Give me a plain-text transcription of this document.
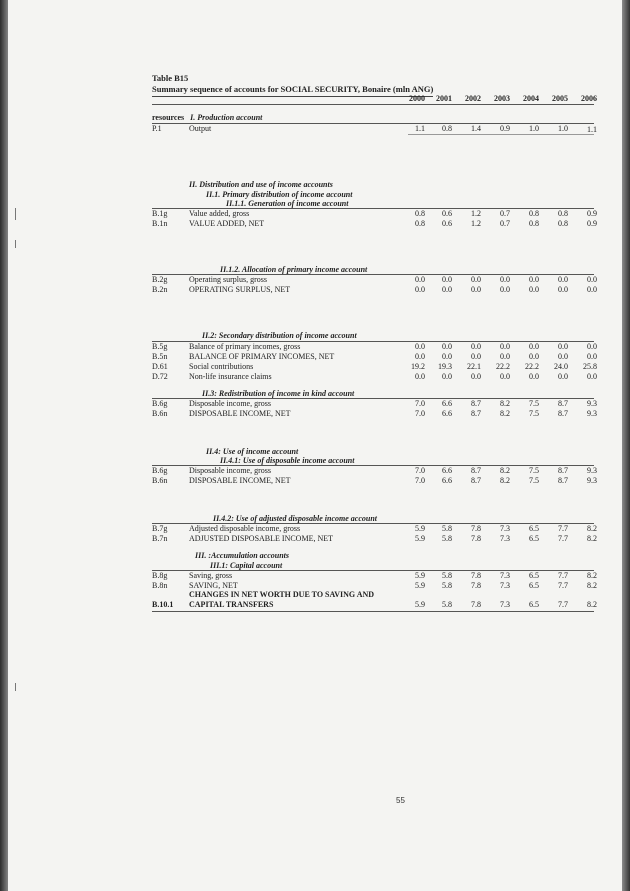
Table B15
Summary sequence of accounts for SOCIAL SECURITY, Bonaire (mln ANG)
2000	2001	2002	2003	2004	2005	2006
resources I. Production account
P.1	Output	1.1	0.8	1.4	0.9	1.0	1.0	1.1
II. Distribution and use of income accounts
II.1. Primary distribution of income account
II.1.1. Generation of income account
B.1g	Value added, gross	0.8	0.6	1.2	0.7	0.8	0.8	0.9
B.1n	VALUE ADDED, NET	0.8	0.6	1.2	0.7	0.8	0.8	0.9
II.1.2. Allocation of primary income account
B.2g	Operating surplus, gross	0.0	0.0	0.0	0.0	0.0	0.0	0.0
B.2n	OPERATING SURPLUS, NET	0.0	0.0	0.0	0.0	0.0	0.0	0.0
II.2: Secondary distribution of income account
B.5g	Balance of primary incomes, gross	0.0	0.0	0.0	0.0	0.0	0.0	0.0
B.5n	BALANCE OF PRIMARY INCOMES, NET	0.0	0.0	0.0	0.0	0.0	0.0	0.0
D.61	Social contributions	19.2	19.3	22.1	22.2	22.2	24.0	25.8
D.72	Non-life insurance claims	0.0	0.0	0.0	0.0	0.0	0.0	0.0
II.3: Redistribution of income in kind account
B.6g	Disposable income, gross	7.0	6.6	8.7	8.2	7.5	8.7	9.3
B.6n	DISPOSABLE INCOME, NET	7.0	6.6	8.7	8.2	7.5	8.7	9.3
II.4: Use of income account
II.4.1: Use of disposable income account
B.6g	Disposable income, gross	7.0	6.6	8.7	8.2	7.5	8.7	9.3
B.6n	DISPOSABLE INCOME, NET	7.0	6.6	8.7	8.2	7.5	8.7	9.3
II.4.2: Use of adjusted disposable income account
B.7g	Adjusted disposable income, gross	5.9	5.8	7.8	7.3	6.5	7.7	8.2
B.7n	ADJUSTED DISPOSABLE INCOME, NET	5.9	5.8	7.8	7.3	6.5	7.7	8.2
III. :Accumulation accounts
III.1: Capital account
B.8g	Saving, gross	5.9	5.8	7.8	7.3	6.5	7.7	8.2
B.8n	SAVING, NET	5.9	5.8	7.8	7.3	6.5	7.7	8.2
CHANGES IN NET WORTH DUE TO SAVING AND
B.10.1 CAPITAL TRANSFERS	5.9	5.8	7.8	7.3	6.5	7.7	8.2
55
